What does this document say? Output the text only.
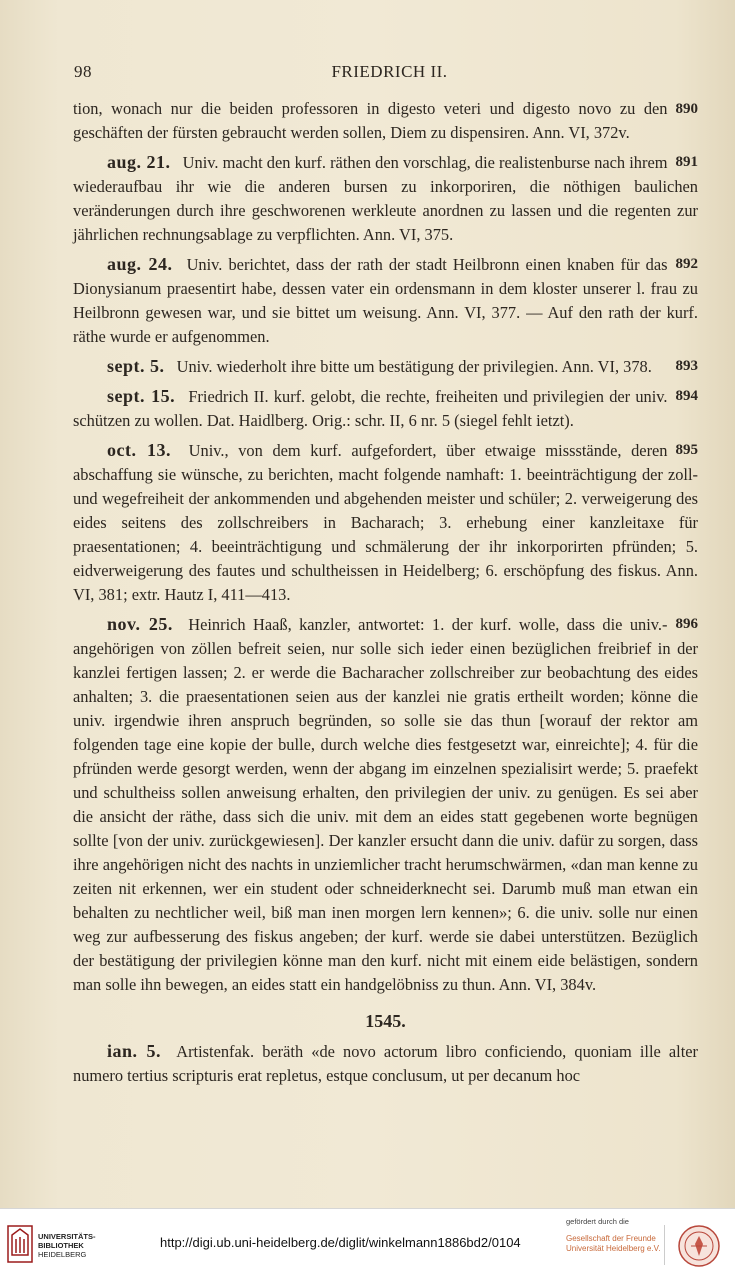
98	FRIEDRICH II.

890
tion, wonach nur die beiden professoren in digesto veteri und digesto novo zu den geschäften der fürsten gebraucht werden sollen, Diem zu dispensiren. Ann. VI, 372v.

891
aug. 21. Univ. macht den kurf. räthen den vorschlag, die realistenburse nach ihrem wiederaufbau ihr wie die anderen bursen zu inkorporiren, die nöthigen baulichen veränderungen durch ihre geschworenen werkleute anordnen zu lassen und die regenten zur jährlichen rechnungsablage zu verpflichten. Ann. VI, 375.

892
aug. 24. Univ. berichtet, dass der rath der stadt Heilbronn einen knaben für das Dionysianum praesentirt habe, dessen vater ein ordensmann in dem kloster unserer l. frau zu Heilbronn gewesen war, und sie bittet um weisung. Ann. VI, 377. — Auf den rath der kurf. räthe wurde er aufgenommen.

893
sept. 5. Univ. wiederholt ihre bitte um bestätigung der privilegien. Ann. VI, 378.

894
sept. 15. Friedrich II. kurf. gelobt, die rechte, freiheiten und privilegien der univ. schützen zu wollen. Dat. Haidlberg. Orig.: schr. II, 6 nr. 5 (siegel fehlt ietzt).

895
oct. 13. Univ., von dem kurf. aufgefordert, über etwaige missstände, deren abschaffung sie wünsche, zu berichten, macht folgende namhaft: 1. beeinträchtigung der zoll- und wegefreiheit der ankommenden und abgehenden meister und schüler; 2. verweigerung des eides seitens des zollschreibers in Bacharach; 3. erhebung einer kanzleitaxe für praesentationen; 4. beeinträchtigung und schmälerung der ihr inkorporirten pfründen; 5. eidverweigerung des fautes und schultheissen in Heidelberg; 6. erschöpfung des fiskus. Ann. VI, 381; extr. Hautz I, 411—413.

896
nov. 25. Heinrich Haaß, kanzler, antwortet: 1. der kurf. wolle, dass die univ.-angehörigen von zöllen befreit seien, nur solle sich ieder einen bezüglichen freibrief in der kanzlei fertigen lassen; 2. er werde die Bacharacher zollschreiber zur beobachtung des eides anhalten; 3. die praesentationen seien aus der kanzlei nie gratis ertheilt worden; könne die univ. irgendwie ihren anspruch begründen, so solle sie das thun [worauf der rektor am folgenden tage eine kopie der bulle, durch welche dies festgesetzt war, einreichte]; 4. für die pfründen werde gesorgt werden, wenn der abgang im einzelnen spezialisirt werde; 5. praefekt und schultheiss sollen anweisung erhalten, den privilegien der univ. zu genügen. Es sei aber die ansicht der räthe, dass sich die univ. mit dem an eides statt gegebenen worte begnügen sollte [von der univ. zurückgewiesen]. Der kanzler ersucht dann die univ. dafür zu sorgen, dass ihre angehörigen nicht des nachts in unziemlicher tracht herumschwärmen, «dan man kenne zu zeiten nit erkennen, wer ein student oder schneiderknecht sei. Darumb muß man etwan ein behalten zu nechtlicher weil, biß man inen morgen lern kennen»; 6. die univ. solle nur einen weg zur aufbesserung des fiskus angeben; der kurf. werde sie dabei unterstützen. Bezüglich der bestätigung der privilegien könne man den kurf. nicht mit einem eide belästigen, sondern man solle ihn bewegen, an eides statt ein handgelöbniss zu thun. Ann. VI, 384v.

1545.

ian. 5. Artistenfak. beräth «de novo actorum libro conficiendo, quoniam ille alter numero tertius scripturis erat repletus, estque conclusum, ut per decanum hoc

UNIVERSITÄTS-
BIBLIOTHEK
HEIDELBERG
http://digi.ub.uni-heidelberg.de/diglit/winkelmann1886bd2/0104
gefördert durch die
Gesellschaft der Freunde
Universität Heidelberg e.V.
